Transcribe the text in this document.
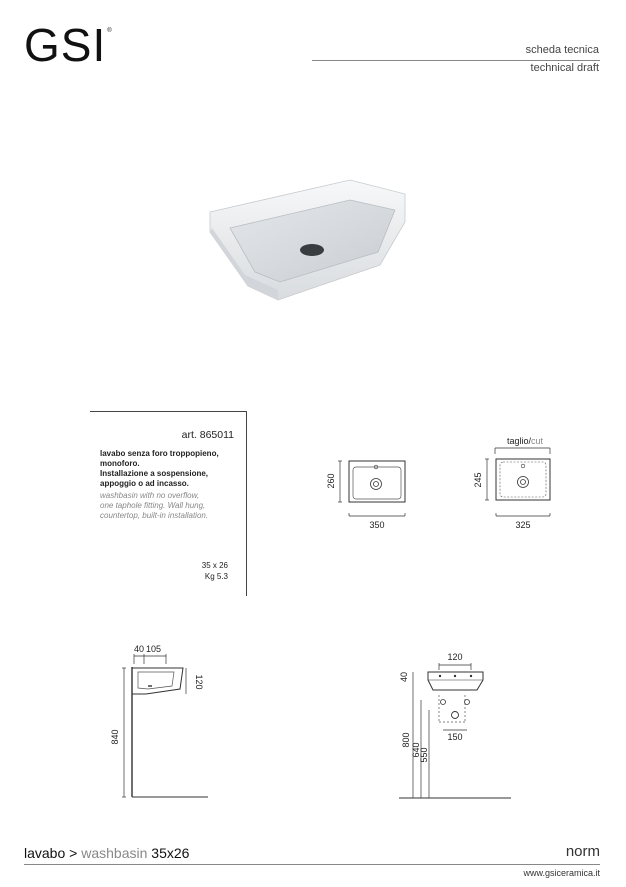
GSI®
scheda tecnica
technical draft
art. 865011
lavabo senza foro troppopieno,
monoforo.
Installazione a sospensione,
appoggio o ad incasso.
washbasin with no overflow,
one taphole fitting. Wall hung,
countertop, built-in installation.
35 x 26
Kg 5.3
260
350
taglio/cut
245
325
40 105
120
840
120
40
150
800
640
550
lavabo > washbasin 35x26	norm
www.gsiceramica.it
